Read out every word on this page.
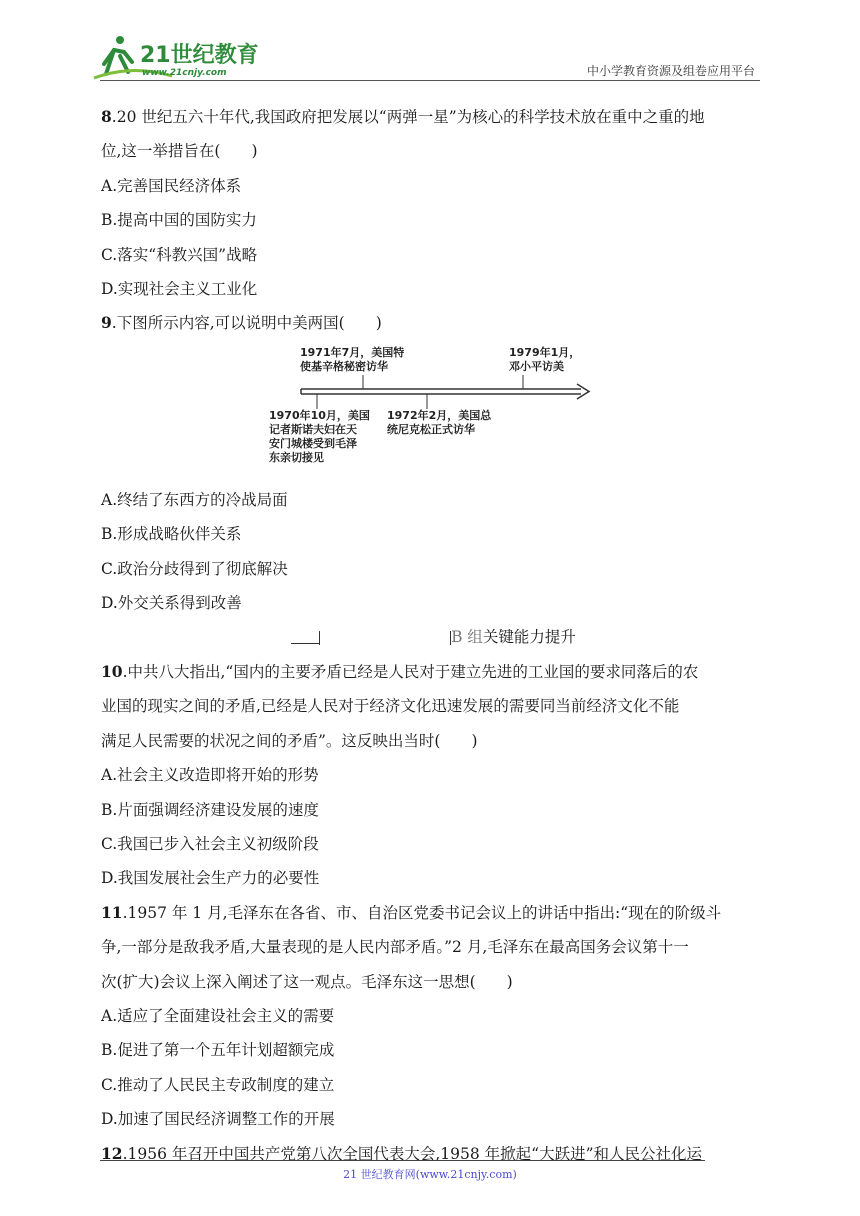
21世纪教育
www.21cnjy.com	中小学教育资源及组卷应用平台
8.20 世纪五六十年代,我国政府把发展以“两弹一星”为核心的科学技术放在重中之重的地
位,这一举措旨在(　　)
A.完善国民经济体系
B.提高中国的国防实力
C.落实“科教兴国”战略
D.实现社会主义工业化
9.下图所示内容,可以说明中美两国(　　)
1971年7月，美国特
使基辛格秘密访华
1979年1月，
邓小平访美
1970年10月，美国
记者斯诺夫妇在天
安门城楼受到毛泽
东亲切接见
1972年2月，美国总
统尼克松正式访华
A.终结了东西方的冷战局面
B.形成战略伙伴关系
C.政治分歧得到了彻底解决
D.外交关系得到改善
B 组关键能力提升
10.中共八大指出,“国内的主要矛盾已经是人民对于建立先进的工业国的要求同落后的农
业国的现实之间的矛盾,已经是人民对于经济文化迅速发展的需要同当前经济文化不能
满足人民需要的状况之间的矛盾”。这反映出当时(　　)
A.社会主义改造即将开始的形势
B.片面强调经济建设发展的速度
C.我国已步入社会主义初级阶段
D.我国发展社会生产力的必要性
11.1957 年 1 月,毛泽东在各省、市、自治区党委书记会议上的讲话中指出:“现在的阶级斗
争,一部分是敌我矛盾,大量表现的是人民内部矛盾。”2 月,毛泽东在最高国务会议第十一
次(扩大)会议上深入阐述了这一观点。毛泽东这一思想(　　)
A.适应了全面建设社会主义的需要
B.促进了第一个五年计划超额完成
C.推动了人民民主专政制度的建立
D.加速了国民经济调整工作的开展
12.1956 年召开中国共产党第八次全国代表大会,1958 年掀起“大跃进”和人民公社化运
21 世纪教育网(www.21cnjy.com)
